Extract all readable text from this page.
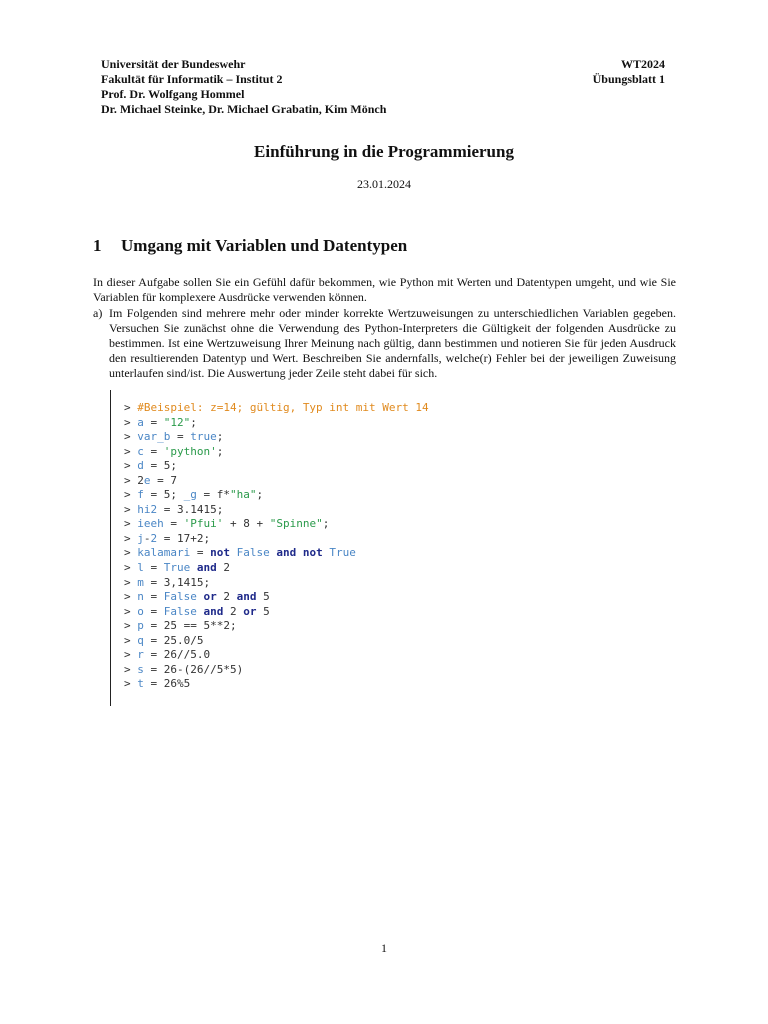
Universität der Bundeswehr
Fakultät für Informatik – Institut 2
Prof. Dr. Wolfgang Hommel
Dr. Michael Steinke, Dr. Michael Grabatin, Kim Mönch
WT2024
Übungsblatt 1
Einführung in die Programmierung
23.01.2024
1 Umgang mit Variablen und Datentypen
In dieser Aufgabe sollen Sie ein Gefühl dafür bekommen, wie Python mit Werten und Datentypen umgeht, und wie Sie Variablen für komplexere Ausdrücke verwenden können.
a) Im Folgenden sind mehrere mehr oder minder korrekte Wertzuweisungen zu unterschiedlichen Variablen gegeben. Versuchen Sie zunächst ohne die Verwendung des Python-Interpreters die Gültigkeit der folgenden Ausdrücke zu bestimmen. Ist eine Wertzuweisung Ihrer Meinung nach gültig, dann bestimmen und notieren Sie für jeden Ausdruck den resultierenden Datentyp und Wert. Beschreiben Sie andernfalls, welche(r) Fehler bei der jeweiligen Zuweisung unterlaufen sind/ist. Die Auswertung jeder Zeile steht dabei für sich.
> #Beispiel: z=14; gültig, Typ int mit Wert 14
> a = "12";
> var_b = true;
> c = 'python';
> d = 5;
> 2e = 7
> f = 5; _g = f*"ha";
> hi2 = 3.1415;
> ieeh = 'Pfui' + 8 + "Spinne";
> j-2 = 17+2;
> kalamari = not False and not True
> l = True and 2
> m = 3,1415;
> n = False or 2 and 5
> o = False and 2 or 5
> p = 25 == 5**2;
> q = 25.0/5
> r = 26//5.0
> s = 26-(26//5*5)
> t = 26%5
1
